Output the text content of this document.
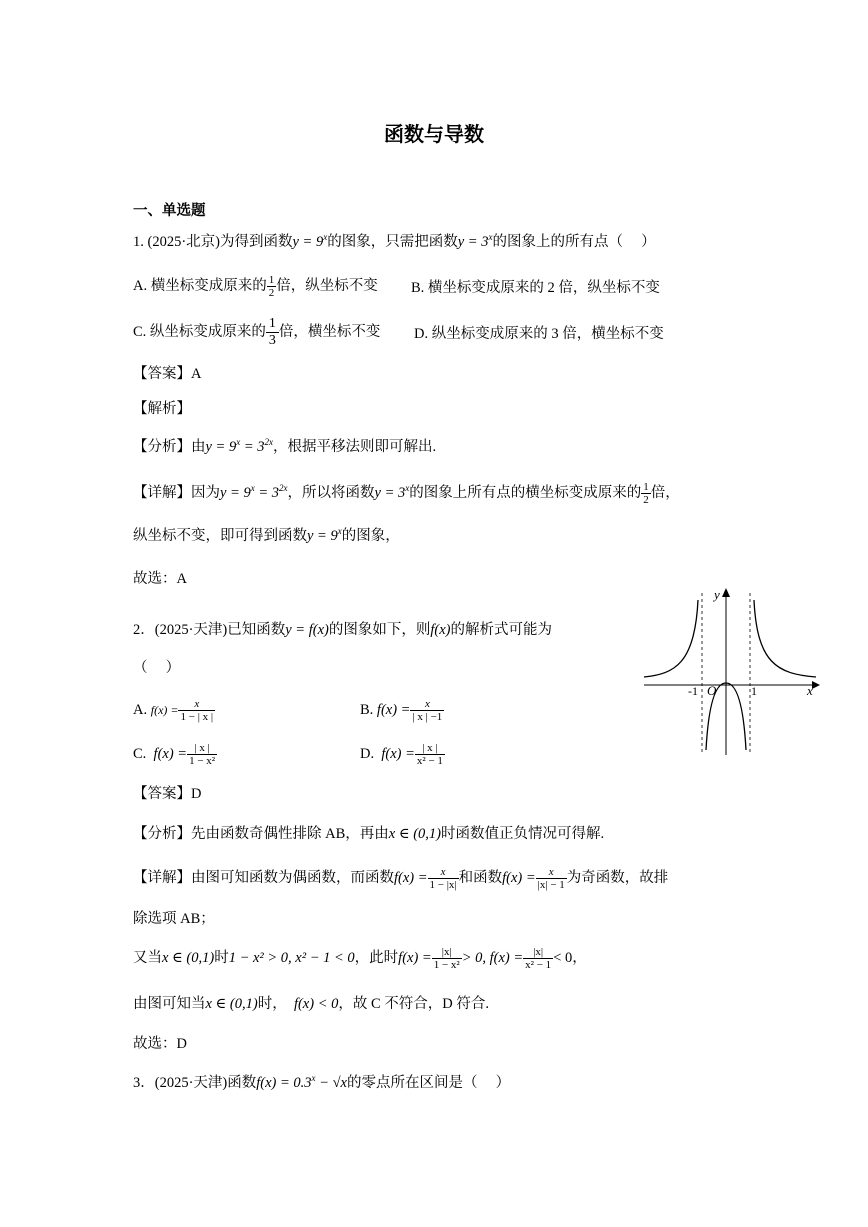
函数与导数
一、单选题
1. (2025·北京)为得到函数$y = 9^x$的图象，只需把函数$y = 3^x$的图象上的所有点（　 ）
A. 横坐标变成原来的 $\frac{1}{2}$ 倍，纵坐标不变 B. 横坐标变成原来的 2 倍，纵坐标不变
C. 纵坐标变成原来的 $\frac{1}{3}$ 倍，横坐标不变 D. 纵坐标变成原来的 3 倍，横坐标不变
【答案】A
【解析】
【分析】由$y = 9^x = 3^{2x}$，根据平移法则即可解出.
【详解】因为$y = 9^x = 3^{2x}$，所以将函数$y = 3^x$的图象上所有点的横坐标变成原来的 $\frac{1}{2}$ 倍，
纵坐标不变，即可得到函数$y = 9^x$的图象，
故选：A
2．(2025·天津)已知函数y = f(x)的图象如下，则f(x)的解析式可能为
（　 ）
A. $f(x) = \frac{x}{1 - | x |}$	B. $f(x) = \frac{x}{| x | -1}$
C. $f(x) = \frac{| x |}{\text{1 − x²}}$	D. $f(x) = \frac{| x |}{\text{x² − 1}}$
y
x
O
-1	1
【答案】D
【分析】先由函数奇偶性排除 AB，再由x ∈ (0,1)时函数值正负情况可得解.
【详解】由图可知函数为偶函数，而函数$f(x) = \frac{x}{1 - |x|}$ 和函数$f(x) = \frac{x}{|x| - 1}$ 为奇函数，故排
除选项 AB；
又当x ∈ (0,1)时1 − x² > 0, x² − 1 < 0，此时$f(x) = \frac{|x|}{\text{1 − x²}} > 0$, $f(x) = \frac{|x|}{\text{x² − 1}} < 0$，
由图可知当x ∈ (0,1)时， f(x) < 0，故 C 不符合，D 符合.
故选：D
3．(2025·天津)函数$f(x) = 0.3^x - √x$的零点所在区间是（　 ）
